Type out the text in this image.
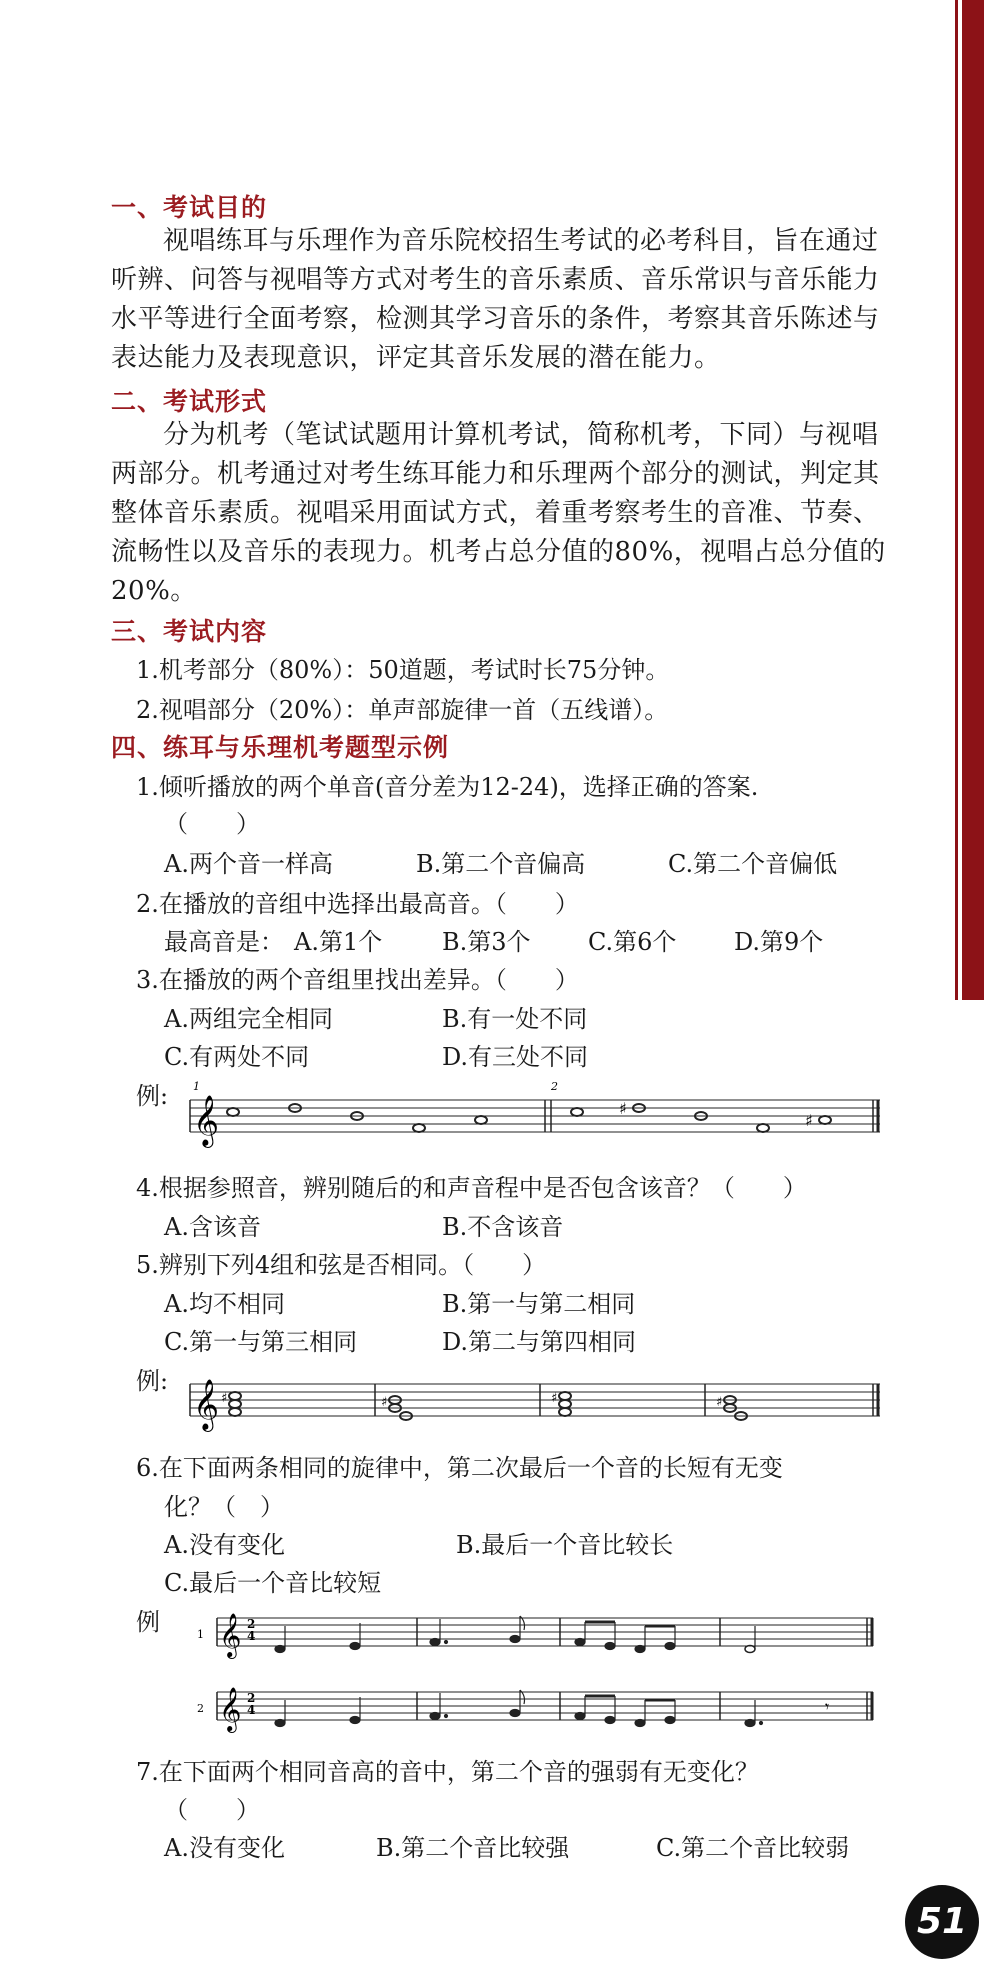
一、考试目的
视唱练耳与乐理作为音乐院校招生考试的必考科目，旨在通过听辨、问答与视唱等方式对考生的音乐素质、音乐常识与音乐能力水平等进行全面考察，检测其学习音乐的条件，考察其音乐陈述与表达能力及表现意识，评定其音乐发展的潜在能力。
二、考试形式
分为机考（笔试试题用计算机考试，简称机考，下同）与视唱两部分。机考通过对考生练耳能力和乐理两个部分的测试，判定其整体音乐素质。视唱采用面试方式，着重考察考生的音准、节奏、流畅性以及音乐的表现力。机考占总分值的80%，视唱占总分值的20%。
三、考试内容
1.机考部分（80%）：50道题，考试时长75分钟。
2.视唱部分（20%）：单声部旋律一首（五线谱）。
四、练耳与乐理机考题型示例
1.倾听播放的两个单音(音分差为12-24)，选择正确的答案.
（　　）
A.两个音一样高	B.第二个音偏高	C.第二个音偏低
2.在播放的音组中选择出最高音。（　　）
最高音是： A.第1个 B.第3个 C.第6个 D.第9个
3.在播放的两个音组里找出差异。（　　）
A.两组完全相同	B.有一处不同
C.有两处不同	D.有三处不同
例: 𝄞
1	2
♯
♯
4.根据参照音，辨别随后的和声音程中是否包含该音？（　　）
A.含该音	B.不含该音
5.辨别下列4组和弦是否相同。（　　）
A.均不相同	B.第一与第二相同
C.第一与第三相同	D.第二与第四相同
例: 𝄞 ♯	♯	♯	♯
6.在下面两条相同的旋律中，第二次最后一个音的长短有无变
化？（　）
A.没有变化	B.最后一个音比较长
C.最后一个音比较短
例	1 𝄞 2
4
2 𝄞 2
4	𝄾
7.在下面两个相同音高的音中，第二个音的强弱有无变化？
（　　）
A.没有变化	B.第二个音比较强	C.第二个音比较弱
51
